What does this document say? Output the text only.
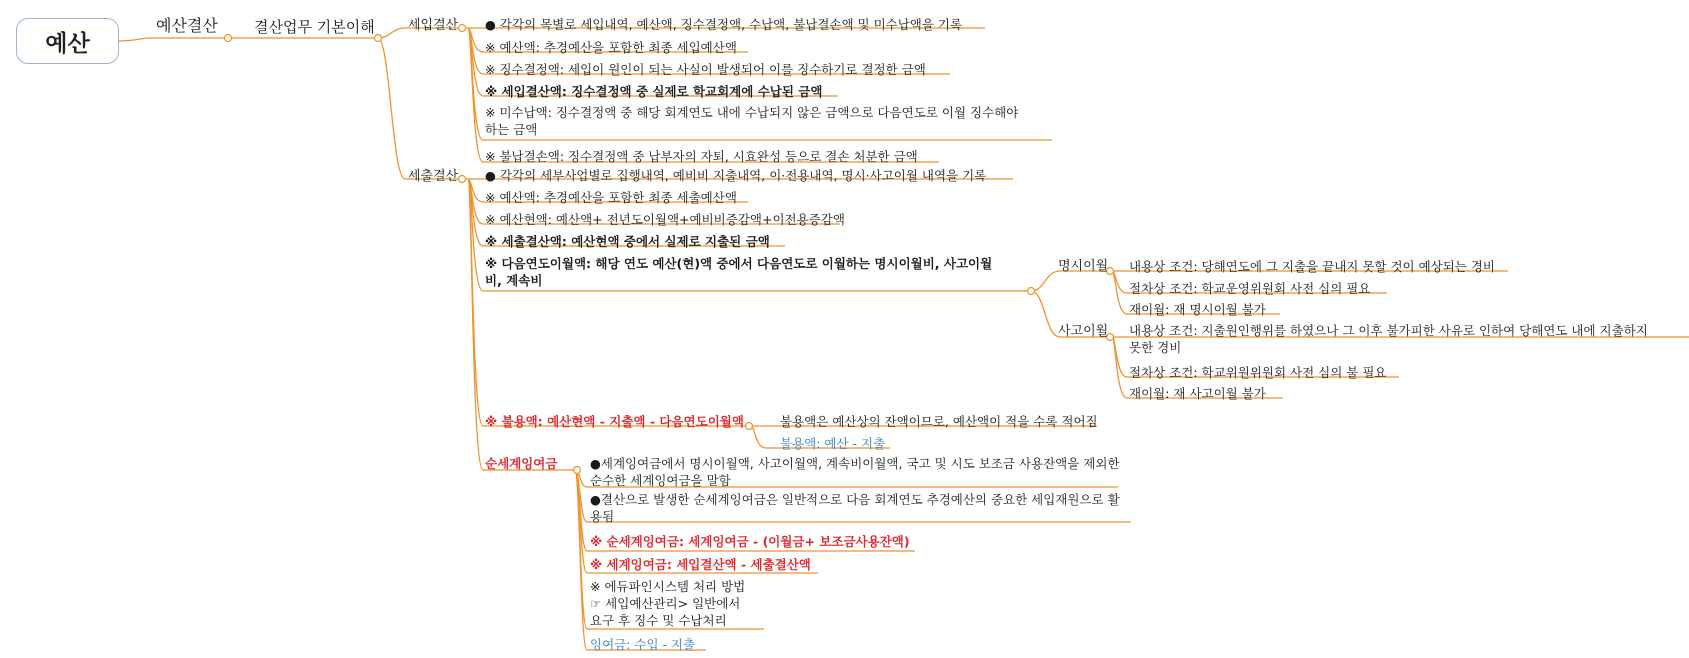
예산
예산결산 결산업무 기본이해	세입결산 ● 각각의 목별로 세입내역, 예산액, 징수결정액, 수납액, 불납결손액 및 미수납액을 기록
※ 예산액: 추경예산을 포함한 최종 세입예산액
※ 징수결정액: 세입이 원인이 되는 사실이 발생되어 이를 징수하기로 결정한 금액
※ 세입결산액: 징수결정액 중 실제로 학교회계에 수납된 금액
※ 미수납액: 징수결정액 중 해당 회계연도 내에 수납되지 않은 금액으로 다음연도로 이월 징수해야 하는 금액
※ 불납결손액: 징수결정액 중 납부자의 자퇴, 시효완성 등으로 결손 처분한 금액
세출결산 ● 각각의 세부사업별로 집행내역, 예비비 지출내역, 이·전용내역, 명시·사고이월 내역을 기록
※ 예산액: 추경예산을 포함한 최종 세출예산액
※ 예산현액: 예산액+ 전년도이월액+예비비증감액+이전용증감액
※ 세출결산액: 예산현액 중에서 실제로 지출된 금액
※ 다음연도이월액: 해당 연도 예산(현)액 중에서 다음연도로 이월하는 명시이월비, 사고이월비, 계속비
명시이월 내용상 조건: 당해연도에 그 지출을 끝내지 못할 것이 예상되는 경비
절차상 조건: 학교운영위원회 사전 심의 필요
재이월: 재 명시이월 불가
사고이월 내용상 조건: 지출원인행위를 하였으나 그 이후 불가피한 사유로 인하여 당해연도 내에 지출하지 못한 경비
절차상 조건: 학교위원위원회 사전 심의 불 필요
재이월: 재 사고이월 불가
※ 불용액: 예산현액 - 지출액 - 다음연도이월액	불용액은 예산상의 잔액이므로, 예산액이 적을 수록 적어짐
불용액: 예산 - 지출
순세계잉여금	●세계잉여금에서 명시이월액, 사고이월액, 계속비이월액, 국고 및 시도 보조금 사용잔액을 제외한 순수한 세계잉여금을 말함
●결산으로 발생한 순세계잉여금은 일반적으로 다음 회계연도 추경예산의 중요한 세입재원으로 활용됨
※ 순세계잉여금: 세계잉여금 - (이월금+ 보조금사용잔액)
※ 세계잉여금: 세입결산액 - 세출결산액
※ 에듀파인시스템 처리 방법
☞ 세입예산관리> 일반에서
요구 후 징수 및 수납처리
잉여금: 수입 - 지출
